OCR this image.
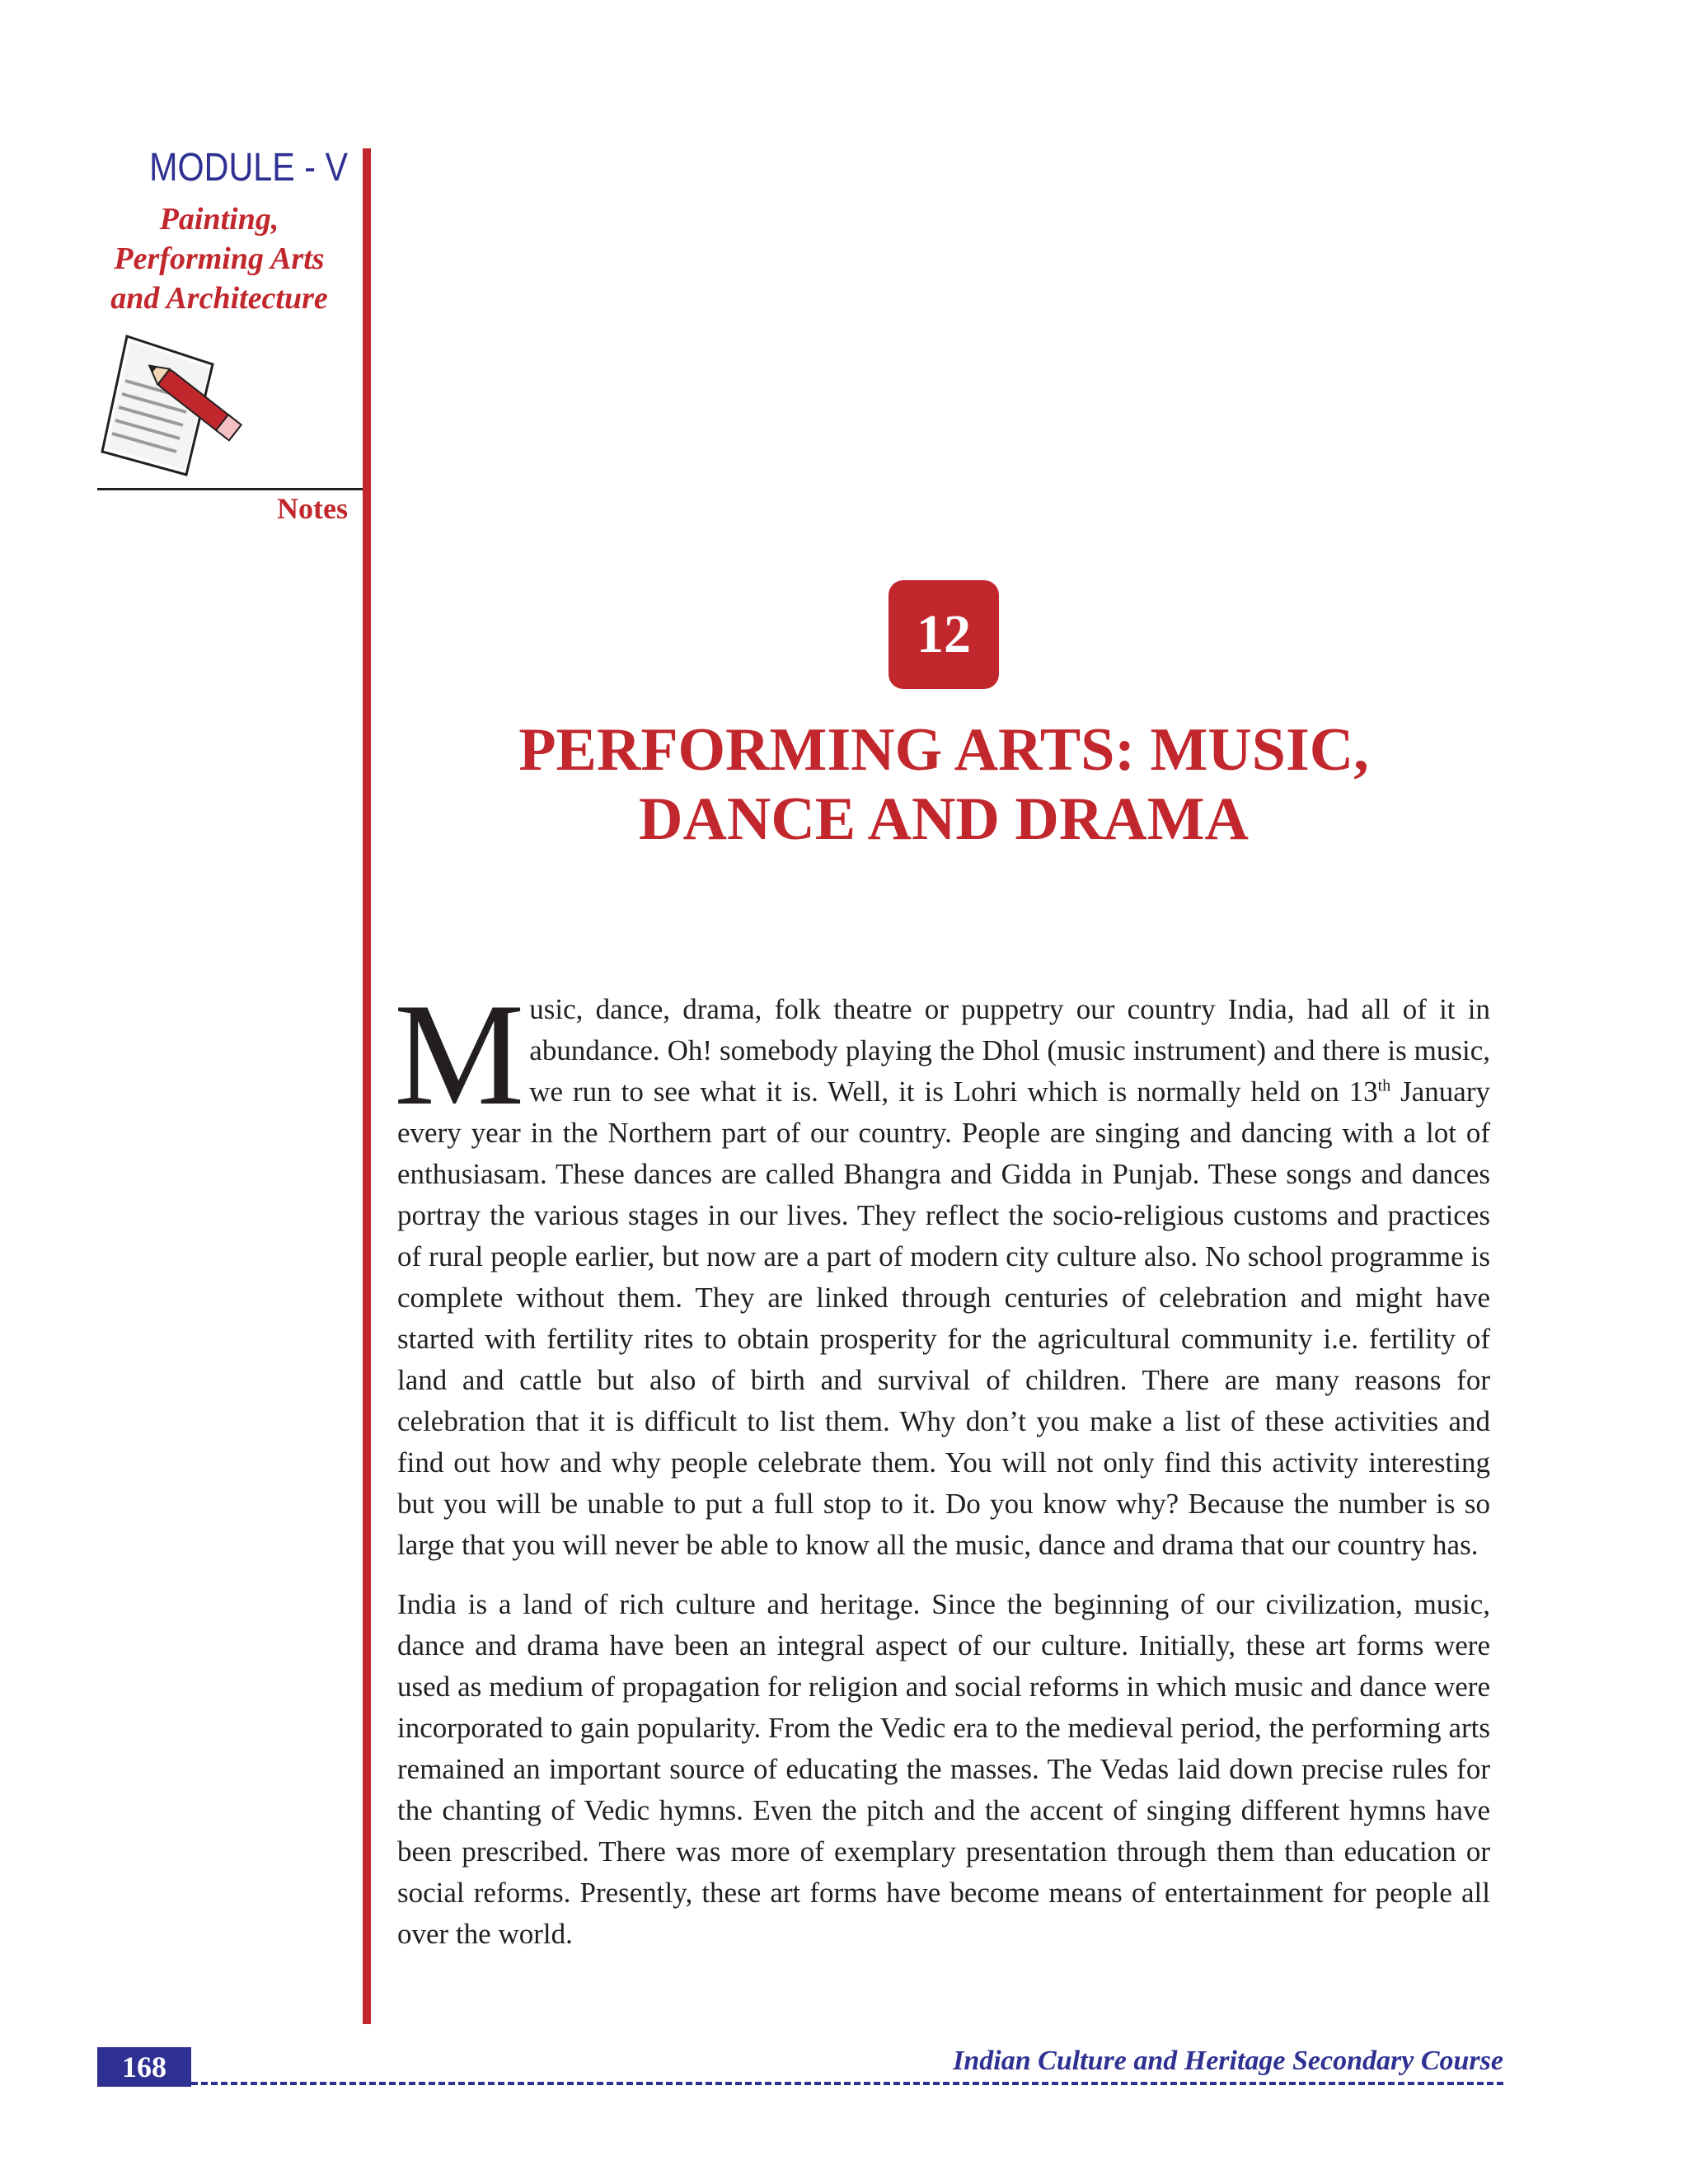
MODULE - V
Painting,
Performing Arts
and Architecture
Notes
12
PERFORMING ARTS: MUSIC,
DANCE AND DRAMA

Music, dance, drama, folk theatre or puppetry our country India, had all of it in abundance. Oh! somebody playing the Dhol (music instrument) and there is music, we run to see what it is. Well, it is Lohri which is normally held on 13th January every year in the Northern part of our country. People are singing and dancing with a lot of enthusiasam. These dances are called Bhangra and Gidda in Punjab. These songs and dances portray the various stages in our lives. They reflect the socio-religious customs and practices of rural people earlier, but now are a part of modern city culture also. No school programme is complete without them. They are linked through centuries of celebration and might have started with fertility rites to obtain prosperity for the agricultural community i.e. fertility of land and cattle but also of birth and survival of children. There are many reasons for celebration that it is difficult to list them. Why don’t you make a list of these activities and find out how and why people celebrate them. You will not only find this activity interesting but you will be unable to put a full stop to it. Do you know why? Because the number is so large that you will never be able to know all the music, dance and drama that our country has.

India is a land of rich culture and heritage. Since the beginning of our civilization, music, dance and drama have been an integral aspect of our culture. Initially, these art forms were used as medium of propagation for religion and social reforms in which music and dance were incorporated to gain popularity. From the Vedic era to the medieval period, the performing arts remained an important source of educating the masses. The Vedas laid down precise rules for the chanting of Vedic hymns. Even the pitch and the accent of singing different hymns have been prescribed. There was more of exemplary presentation through them than education or social reforms. Presently, these art forms have become means of entertainment for people all over the world.

168	Indian Culture and Heritage Secondary Course
